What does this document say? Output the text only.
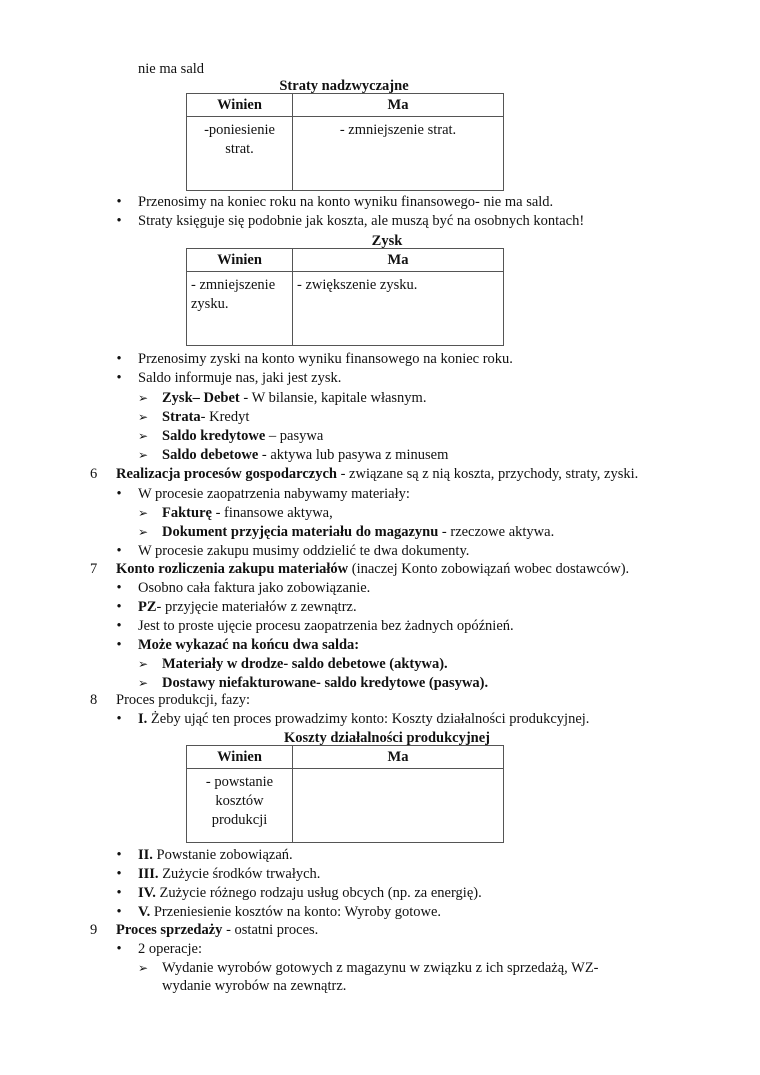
nie ma sald
Straty nadzwyczajne
Winien	Ma

-poniesienie
strat.	- zmniejszenie strat.
• Przenosimy na koniec roku na konto wyniku finansowego- nie ma sald.
• Straty księguje się podobnie jak koszta, ale muszą być na osobnych kontach!
Zysk
Winien	Ma

- zmniejszenie
zysku.	- zwiększenie zysku.
• Przenosimy zyski na konto wyniku finansowego na koniec roku.
• Saldo informuje nas, jaki jest zysk.
➢ Zysk– Debet - W bilansie, kapitale własnym.
➢ Strata- Kredyt
➢ Saldo kredytowe – pasywa
➢ Saldo debetowe - aktywa lub pasywa z minusem
6 Realizacja procesów gospodarczych - związane są z nią koszta, przychody, straty, zyski.
• W procesie zaopatrzenia nabywamy materiały:
➢ Fakturę - finansowe aktywa,
➢ Dokument przyjęcia materiału do magazynu - rzeczowe aktywa.
• W procesie zakupu musimy oddzielić te dwa dokumenty.
7 Konto rozliczenia zakupu materiałów (inaczej Konto zobowiązań wobec dostawców).
• Osobno cała faktura jako zobowiązanie.
• PZ- przyjęcie materiałów z zewnątrz.
• Jest to proste ujęcie procesu zaopatrzenia bez żadnych opóźnień.
• Może wykazać na końcu dwa salda:
➢ Materiały w drodze- saldo debetowe (aktywa).
➢ Dostawy niefakturowane- saldo kredytowe (pasywa).
8 Proces produkcji, fazy:
• I. Żeby ująć ten proces prowadzimy konto: Koszty działalności produkcyjnej.
Koszty działalności produkcyjnej
Winien	Ma

- powstanie
kosztów
produkcji	

• II. Powstanie zobowiązań.
• III. Zużycie środków trwałych.
• IV. Zużycie różnego rodzaju usług obcych (np. za energię).
• V. Przeniesienie kosztów na konto: Wyroby gotowe.
9 Proces sprzedaży - ostatni proces.
• 2 operacje:
➢ Wydanie wyrobów gotowych z magazynu w związku z ich sprzedażą, WZ-
wydanie wyrobów na zewnątrz.
